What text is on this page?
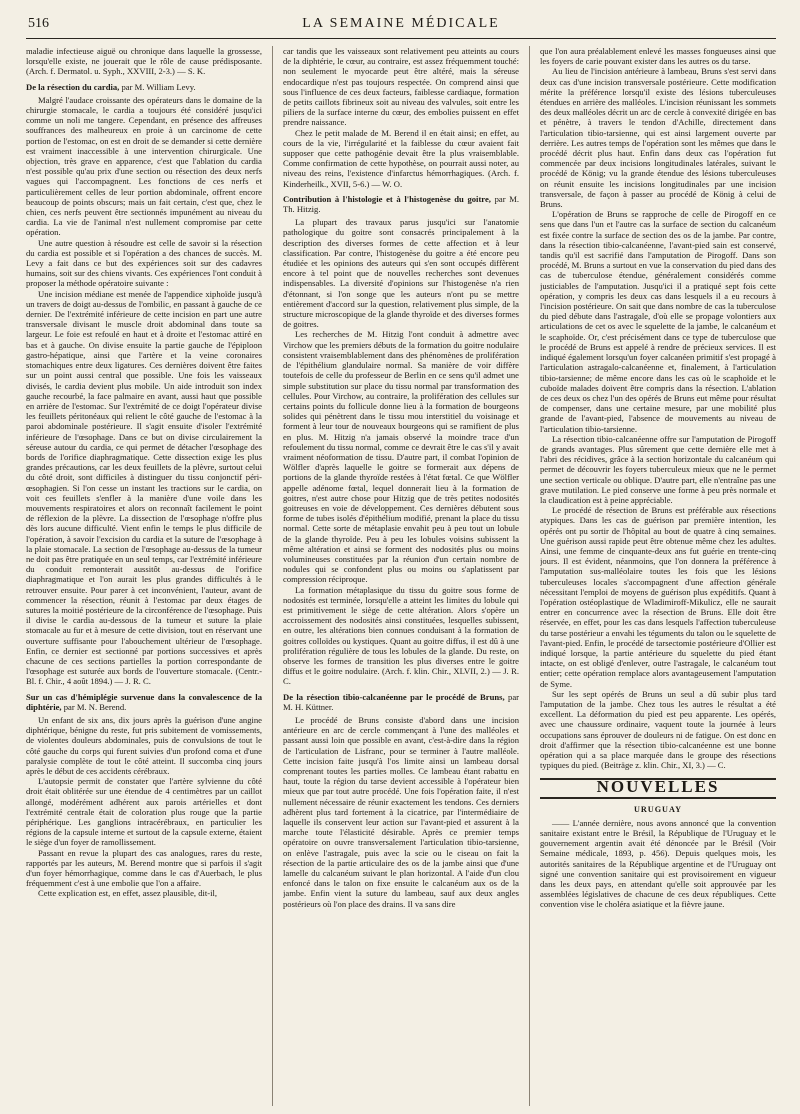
516	LA SEMAINE MÉDICALE

maladie infectieuse aiguë ou chronique dans laquelle la grossesse, lorsqu'elle existe, ne jouerait que le rôle de cause prédisposante. (Arch. f. Dermatol. u. Syph., XXVIII, 2-3.) — S. K.

De la résection du cardia, par M. William Levy.

Malgré l'audace croissante des opérateurs dans le domaine de la chirurgie stomacale, le cardia a toujours été considéré jusqu'ici comme un noli me tangere. Cependant, en présence des affreuses souffrances des malheureux en proie à un carcinome de cette portion de l'estomac, on est en droit de se demander si cette dernière est vraiment inaccessible à une intervention chirurgicale. Une objection, très grave en apparence, c'est que l'ablation du cardia n'est possible qu'au prix d'une section ou résection des deux nerfs vagues qui l'accompagnent. Les fonctions de ces nerfs et particulièrement celles de leur portion abdominale, offrent encore beaucoup de points obscurs; mais un fait certain, c'est que, chez le chien, ces nerfs peuvent être sectionnés impunément au niveau du cardia. La vie de l'animal n'est nullement compromise par cette opération.

Une autre question à résoudre est celle de savoir si la résection du cardia est possible et si l'opération a des chances de succès. M. Levy a fait dans ce but des expériences soit sur des cadavres humains, soit sur des chiens vivants. Ces expériences l'ont conduit à proposer la méthode opératoire suivante :

Une incision médiane est menée de l'appendice xiphoïde jusqu'à un travers de doigt au-dessus de l'ombilic, en passant à gauche de ce dernier. De l'extrémité inférieure de cette incision en part une autre transversale divisant le muscle droit abdominal dans toute sa largeur. Le foie est refoulé en haut et à droite et l'estomac attiré en bas et à gauche. On divise ensuite la partie gauche de l'épiploon gastro-hépatique, ainsi que l'artère et la veine coronaires stomachiques entre deux ligatures. Ces dernières doivent être faites sur un point aussi central que possible. Une fois les vaisseaux divisés, le cardia devient plus mobile. Un aide introduit son index gauche recourbé, la face palmaire en avant, aussi haut que possible en arrière de l'estomac. Sur l'extrémité de ce doigt l'opérateur divise les feuillets péritonéaux qui relient le côté gauche de l'estomac à la paroi abdominale postérieure. Il s'agit ensuite d'isoler l'extrémité inférieure de l'œsophage. Dans ce but on divise circulairement la séreuse autour du cardia, ce qui permet de détacher l'œsophage des bords de l'orifice diaphragmatique. Cette dissection exige les plus grandes précautions, car les deux feuillets de la plèvre, surtout celui du côté droit, sont difficiles à distinguer du tissu conjonctif péri-œsophagien. Si l'on cesse un instant les tractions sur le cardia, on voit ces feuillets s'enfler à la manière d'une voile dans les mouvements respiratoires et alors on reconnaît facilement le point de réflexion de la plèvre. La dissection de l'œsophage n'offre plus dès lors aucune difficulté. Vient enfin le temps le plus difficile de l'opération, à savoir l'excision du cardia et la suture de l'œsophage à la plaie stomacale. La section de l'œsophage au-dessus de la tumeur ne doit pas être pratiquée en un seul temps, car l'extrémité inférieure du conduit remonterait aussitôt au-dessus de l'orifice diaphragmatique et l'on aurait les plus grandes difficultés à le retrouver ensuite. Pour parer à cet inconvénient, l'auteur, avant de commencer la résection, réunit à l'estomac par deux étages de sutures la moitié postérieure de la circonférence de l'œsophage. Puis il divise le cardia au-dessous de la tumeur et suture la plaie stomacale au fur et à mesure de cette division, tout en réservant une ouverture suffisante pour l'abouchement ultérieur de l'œsophage. Enfin, ce dernier est sectionné par portions successives et après chacune de ces sections partielles la portion correspondante de l'œsophage est suturée aux bords de l'ouverture stomacale. (Centr.-Bl. f. Chir., 4 août 1894.) — J. R. C.

Sur un cas d'hémiplégie survenue dans la convalescence de la diphtérie, par M. N. Berend.

Un enfant de six ans, dix jours après la guérison d'une angine diphtérique, bénigne du reste, fut pris subitement de vomissements, de violentes douleurs abdominales, puis de convulsions de tout le côté gauche du corps qui furent suivies d'un profond coma et d'une paralysie complète de tout le côté atteint. Il succomba cinq jours après le début de ces accidents cérébraux.

L'autopsie permit de constater que l'artère sylvienne du côté droit était oblitérée sur une étendue de 4 centimètres par un caillot allongé, modérément adhérent aux parois artérielles et dont l'extrémité centrale était de coloration plus rouge que la partie périphérique. Les ganglions intracérébraux, en particulier les régions de la capsule interne et surtout de la capsule externe, étaient le siège d'un foyer de ramollissement.

Passant en revue la plupart des cas analogues, rares du reste, rapportés par les auteurs, M. Berend montre que si parfois il s'agit d'un foyer hémorrhagique, comme dans le cas d'Auerbach, le plus fréquemment c'est à une embolie que l'on a affaire.

Cette explication est, en effet, assez plausible, dit-il,

car tandis que les vaisseaux sont relativement peu atteints au cours de la diphtérie, le cœur, au contraire, est assez fréquemment touché: non seulement le myocarde peut être altéré, mais la séreuse endocardique n'est pas toujours respectée. On comprend ainsi que sous l'influence de ces deux facteurs, faiblesse cardiaque, formation de petits caillots fibrineux soit au niveau des valvules, soit entre les piliers de la surface interne du cœur, des embolies puissent en effet prendre naissance.

Chez le petit malade de M. Berend il en était ainsi; en effet, au cours de la vie, l'irrégularité et la faiblesse du cœur avaient fait supposer que cette pathogénie devait être la plus vraisemblable. Comme confirmation de cette hypothèse, on pourrait aussi noter, au niveau des reins, l'existence d'infarctus hémorrhagiques. (Arch. f. Kinderheilk., XVII, 5-6.) — W. O.

Contribution à l'histologie et à l'histogenèse du goitre, par M. Th. Hitzig.

La plupart des travaux parus jusqu'ici sur l'anatomie pathologique du goitre sont consacrés principalement à la description des diverses formes de cette affection et à leur classification. Par contre, l'histogenèse du goitre a été encore peu étudiée et les opinions des auteurs qui s'en sont occupés diffèrent encore à tel point que de nouvelles recherches sont devenues indispensables. La diversité d'opinions sur l'histogenèse n'a rien d'étonnant, si l'on songe que les auteurs n'ont pu se mettre entièrement d'accord sur la question, relativement plus simple, de la structure microscopique de la glande thyroïde et des diverses formes de goitres.

Les recherches de M. Hitzig l'ont conduit à admettre avec Virchow que les premiers débuts de la formation du goitre nodulaire consistent vraisemblablement dans des phénomènes de prolifération de l'épithélium glandulaire normal. Sa manière de voir diffère toutefois de celle du professeur de Berlin en ce sens qu'il admet une simple substitution sur place du tissu normal par transformation des cellules. Pour Virchow, au contraire, la prolifération des cellules sur certains points du follicule donne lieu à la formation de bourgeons solides qui pénètrent dans le tissu mou interstitiel du voisinage et forment à leur tour de nouveaux bourgeons qui se ramifient de plus en plus. M. Hitzig n'a jamais observé la moindre trace d'un refoulement du tissu normal, comme ce devrait être le cas s'il y avait vraiment néoformation de tissu. D'autre part, il combat l'opinion de Wölfler d'après laquelle le goitre se formerait aux dépens de portions de la glande thyroïde restées à l'état fœtal. Ce que Wölfler appelle adénome fœtal, lequel donnerait lieu à la formation de goitres, n'est autre chose pour Hitzig que de très petites nodosités goitreuses en voie de développement. Ces dernières débutent sous forme de tubes isolés d'épithélium modifié, prenant la place du tissu normal. Cette sorte de métaplasie envahit peu à peu tout un lobule de la glande thyroïde. Peu à peu les lobules voisins subissent la même altération et ainsi se forment des nodosités plus ou moins volumineuses constituées par la réunion d'un certain nombre de nodules qui se confondent plus ou moins ou s'aplatissent par compression réciproque.

La formation métaplasique du tissu du goitre sous forme de nodosités est terminée, lorsqu'elle a atteint les limites du lobule qui est primitivement le siège de cette altération. Alors s'opère un accroissement des nodosités ainsi constituées, lesquelles subissent, en outre, les altérations bien connues conduisant à la formation de goitres colloïdes ou kystiques. Quant au goitre diffus, il est dû à une prolifération régulière de tous les lobules de la glande. Du reste, on observe les formes de transition les plus diverses entre le goitre diffus et le goitre nodulaire. (Arch. f. klin. Chir., XLVII, 2.) — J. R. C.

De la résection tibio-calcanéenne par le procédé de Bruns, par M. H. Küttner.

Le procédé de Bruns consiste d'abord dans une incision antérieure en arc de cercle commençant à l'une des malléoles et passant aussi loin que possible en avant, c'est-à-dire dans la région de l'articulation de Lisfranc, pour se terminer à l'autre malléole. Cette incision faite jusqu'à l'os limite ainsi un lambeau dorsal comprenant toutes les parties molles. Ce lambeau étant rabattu en haut, toute la région du tarse devient accessible à l'opérateur bien mieux que par tout autre procédé. Une fois l'opération faite, il n'est nullement nécessaire de réunir exactement les tendons. Ces derniers adhèrent plus tard fortement à la cicatrice, par l'intermédiaire de laquelle ils conservent leur action sur l'avant-pied et assurent à la marche toute l'élasticité désirable. Après ce premier temps opératoire on ouvre transversalement l'articulation tibio-tarsienne, on enlève l'astragale, puis avec la scie ou le ciseau on fait la résection de la partie articulaire des os de la jambe ainsi que d'une lamelle du calcanéum suivant le plan horizontal. A l'aide d'un clou enfoncé dans le talon on fixe ensuite le calcanéum aux os de la jambe. Enfin vient la suture du lambeau, sauf aux deux angles postérieurs où l'on place des drains. Il va sans dire

que l'on aura préalablement enlevé les masses fongueuses ainsi que les foyers de carie pouvant exister dans les autres os du tarse.

Au lieu de l'incision antérieure à lambeau, Bruns s'est servi dans deux cas d'une incision transversale postérieure. Cette modification mérite la préférence lorsqu'il existe des lésions tuberculeuses étendues en arrière des malléoles. L'incision réunissant les sommets des deux malléoles décrit un arc de cercle à convexité dirigée en bas et pénètre, à travers le tendon d'Achille, directement dans l'articulation tibio-tarsienne, qui est ainsi largement ouverte par derrière. Les autres temps de l'opération sont les mêmes que dans le procédé décrit plus haut. Enfin dans deux cas l'opération fut commencée par deux incisions longitudinales latérales, suivant le procédé de König; vu la grande étendue des lésions tuberculeuses on réunit ensuite les incisions longitudinales par une incision transversale, de façon à passer au procédé de König à celui de Bruns.

L'opération de Bruns se rapproche de celle de Pirogoff en ce sens que dans l'un et l'autre cas la surface de section du calcanéum est fixée contre la surface de section des os de la jambe. Par contre, dans la résection tibio-calcanéenne, l'avant-pied sain est conservé, tandis qu'il est sacrifié dans l'amputation de Pirogoff. Dans son procédé, M. Bruns a surtout en vue la conservation du pied dans des cas de tuberculose étendue, généralement considérés comme justiciables de l'amputation. Jusqu'ici il a pratiqué sept fois cette opération, y compris les deux cas dans lesquels il a eu recours à l'incision postérieure. On sait que dans nombre de cas la tuberculose du pied débute dans l'astragale, d'où elle se propage volontiers aux articulations de cet os avec le squelette de la jambe, le calcanéum et le scaphoïde. Or, c'est précisément dans ce type de tuberculose que le procédé de Bruns est appelé à rendre de précieux services. Il est indiqué également lorsqu'un foyer calcanéen primitif s'est propagé à l'articulation astragalo-calcanéenne et, finalement, à l'articulation tibio-tarsienne; de même encore dans les cas où le scaphoïde et le cuboïde malades doivent être compris dans la résection. L'ablation de ces deux os chez l'un des opérés de Bruns eut même pour résultat de compenser, dans une certaine mesure, par une mobilité plus grande de l'avant-pied, l'absence de mouvements au niveau de l'articulation tibio-tarsienne.

La résection tibio-calcanéenne offre sur l'amputation de Pirogoff de grands avantages. Plus sûrement que cette dernière elle met à l'abri des récidives, grâce à la section horizontale du calcanéum qui permet de découvrir les foyers tuberculeux mieux que ne le permet une section verticale ou oblique. D'autre part, elle n'entraîne pas une grave mutilation. Le pied conserve une forme à peu près normale et la claudication est à peine appréciable.

Le procédé de résection de Bruns est préférable aux résections atypiques. Dans les cas de guérison par première intention, les opérés ont pu sortir de l'hôpital au bout de quatre à cinq semaines. Une guérison aussi rapide peut être obtenue même chez les adultes. Ainsi, une femme de cinquante-deux ans fut guérie en trente-cinq jours. Il est évident, néanmoins, que l'on donnera la préférence à l'amputation sus-malléolaire toutes les fois que les lésions tuberculeuses locales s'accompagnent d'une affection générale nécessitant l'emploi de moyens de guérison plus expéditifs. Quant à l'opération ostéoplastique de Wladimiroff-Mikulicz, elle ne saurait entrer en concurrence avec la résection de Bruns. Elle doit être réservée, en effet, pour les cas dans lesquels l'affection tuberculeuse du tarse postérieur a envahi les téguments du talon ou le squelette de l'avant-pied. Enfin, le procédé de tarsectomie postérieure d'Ollier est indiqué lorsque, la partie antérieure du squelette du pied étant intacte, on est obligé d'enlever, outre l'astragale, le calcanéum tout entier; cette opération remplace alors avantageusement l'amputation de Syme.

Sur les sept opérés de Bruns un seul a dû subir plus tard l'amputation de la jambe. Chez tous les autres le résultat a été excellent. La déformation du pied est peu apparente. Les opérés, avec une chaussure ordinaire, vaquent toute la journée à leurs occupations sans éprouver de douleurs ni de fatigue. On est donc en droit d'affirmer que la résection tibio-calcanéenne est une bonne opération qui a sa place marquée dans le groupe des résections typiques du pied. (Beiträge z. klin. Chir., XI, 3.) — C.

NOUVELLES
URUGUAY

—— L'année dernière, nous avons annoncé que la convention sanitaire existant entre le Brésil, la République de l'Uruguay et le gouvernement argentin avait été dénoncée par le Brésil (Voir Semaine médicale, 1893, p. 456). Depuis quelques mois, les autorités sanitaires de la République argentine et de l'Uruguay ont signé une convention sanitaire qui est provisoirement en vigueur dans les deux pays, en attendant qu'elle soit approuvée par les assemblées législatives de chacune de ces deux républiques. Cette convention vise le choléra asiatique et la fièvre jaune.
